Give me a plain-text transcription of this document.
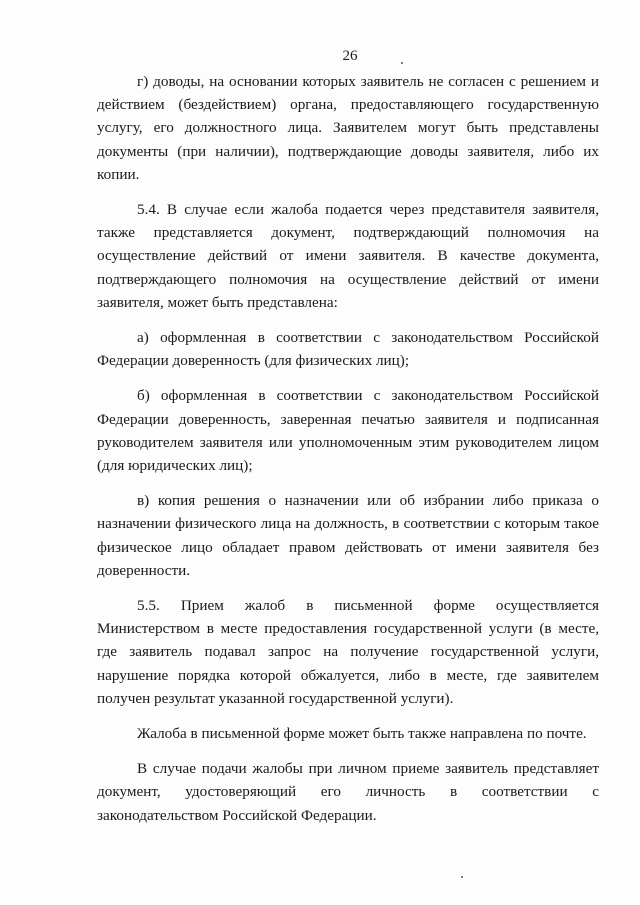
26

г) доводы, на основании которых заявитель не согласен с решением и действием (бездействием) органа, предоставляющего государственную услугу, его должностного лица. Заявителем могут быть представлены документы (при наличии), подтверждающие доводы заявителя, либо их копии.

5.4. В случае если жалоба подается через представителя заявителя, также представляется документ, подтверждающий полномочия на осуществление действий от имени заявителя. В качестве документа, подтверждающего полномочия на осуществление действий от имени заявителя, может быть представлена:

а) оформленная в соответствии с законодательством Российской Федерации доверенность (для физических лиц);

б) оформленная в соответствии с законодательством Российской Федерации доверенность, заверенная печатью заявителя и подписанная руководителем заявителя или уполномоченным этим руководителем лицом (для юридических лиц);

в) копия решения о назначении или об избрании либо приказа о назначении физического лица на должность, в соответствии с которым такое физическое лицо обладает правом действовать от имени заявителя без доверенности.

5.5. Прием жалоб в письменной форме осуществляется Министерством в месте предоставления государственной услуги (в месте, где заявитель подавал запрос на получение государственной услуги, нарушение порядка которой обжалуется, либо в месте, где заявителем получен результат указанной государственной услуги).

Жалоба в письменной форме может быть также направлена по почте.

В случае подачи жалобы при личном приеме заявитель представляет документ, удостоверяющий его личность в соответствии с законодательством Российской Федерации.
